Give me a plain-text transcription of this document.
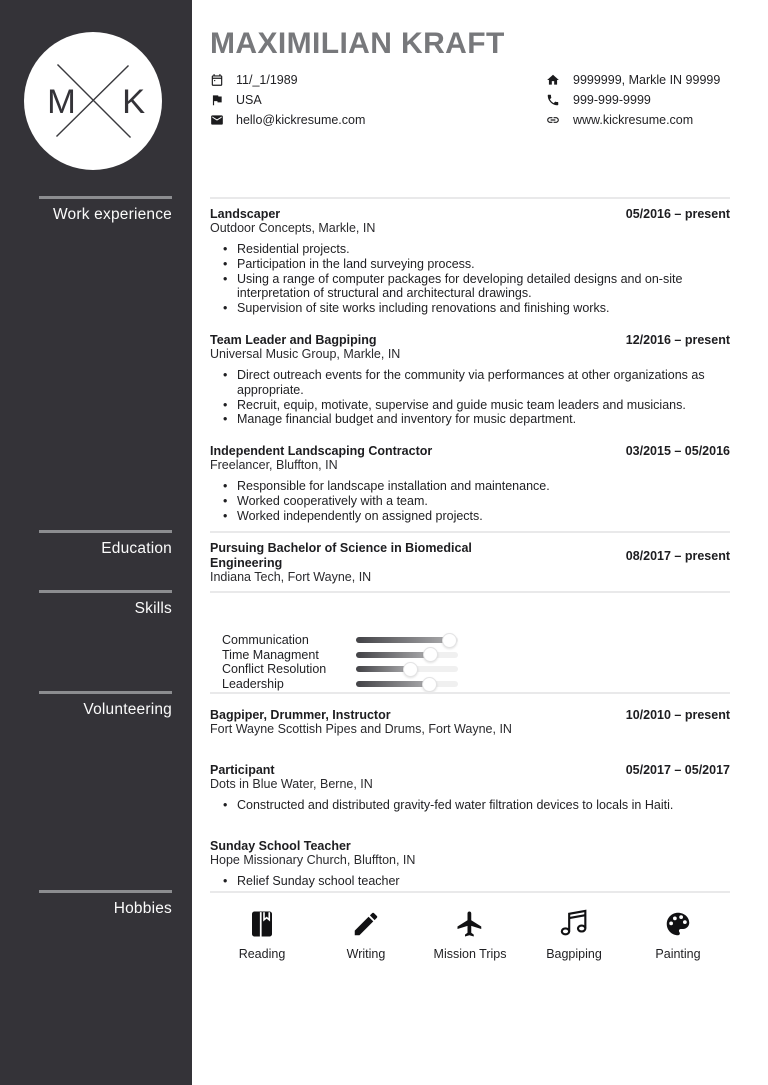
M K
Work experience
Education
Skills
Volunteering
Hobbies
MAXIMILIAN KRAFT
11/_1/1989
USA
hello@kickresume.com
9999999, Markle IN 99999
999-999-9999
www.kickresume.com
Landscaper	05/2016 – present
Outdoor Concepts, Markle, IN
• Residential projects.
• Participation in the land surveying process.
• Using a range of computer packages for developing detailed designs and on-site interpretation of structural and architectural drawings.
• Supervision of site works including renovations and finishing works.
Team Leader and Bagpiping	12/2016 – present
Universal Music Group, Markle, IN
• Direct outreach events for the community via performances at other organizations as appropriate.
• Recruit, equip, motivate, supervise and guide music team leaders and musicians.
• Manage financial budget and inventory for music department.
Independent Landscaping Contractor	03/2015 – 05/2016
Freelancer, Bluffton, IN
• Responsible for landscape installation and maintenance.
• Worked cooperatively with a team.
• Worked independently on assigned projects.
Pursuing Bachelor of Science in Biomedical Engineering	08/2017 – present
Indiana Tech, Fort Wayne, IN
Communication
Time Managment
Conflict Resolution
Leadership
Bagpiper, Drummer, Instructor	10/2010 – present
Fort Wayne Scottish Pipes and Drums, Fort Wayne, IN
Participant	05/2017 – 05/2017
Dots in Blue Water, Berne, IN
• Constructed and distributed gravity-fed water filtration devices to locals in Haiti.
Sunday School Teacher
Hope Missionary Church, Bluffton, IN
• Relief Sunday school teacher
Reading	Writing	Mission Trips	Bagpiping	Painting
